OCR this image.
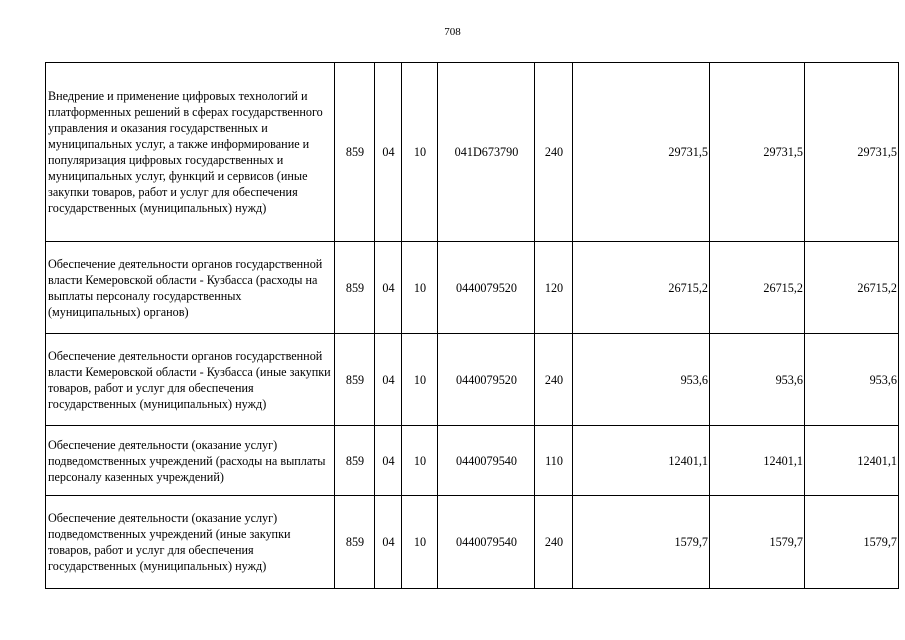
708
Внедрение и применение цифровых технологий и платформенных решений в сферах государственного управления и оказания государственных и муниципальных услуг, а также информирование и популяризация цифровых государственных и муниципальных услуг, функций и сервисов (иные закупки товаров, работ и услуг для обеспечения государственных (муниципальных) нужд)	859	04	10	041D673790	240	29731,5	29731,5	29731,5
Обеспечение деятельности органов государственной власти Кемеровской области - Кузбасса (расходы на выплаты персоналу государственных (муниципальных) органов)	859	04	10	0440079520	120	26715,2	26715,2	26715,2
Обеспечение деятельности органов государственной власти Кемеровской области - Кузбасса (иные закупки товаров, работ и услуг для обеспечения государственных (муниципальных) нужд)	859	04	10	0440079520	240	953,6	953,6	953,6
Обеспечение деятельности (оказание услуг) подведомственных учреждений (расходы на выплаты персоналу казенных учреждений)	859	04	10	0440079540	110	12401,1	12401,1	12401,1
Обеспечение деятельности (оказание услуг) подведомственных учреждений (иные закупки товаров, работ и услуг для обеспечения государственных (муниципальных) нужд)	859	04	10	0440079540	240	1579,7	1579,7	1579,7
